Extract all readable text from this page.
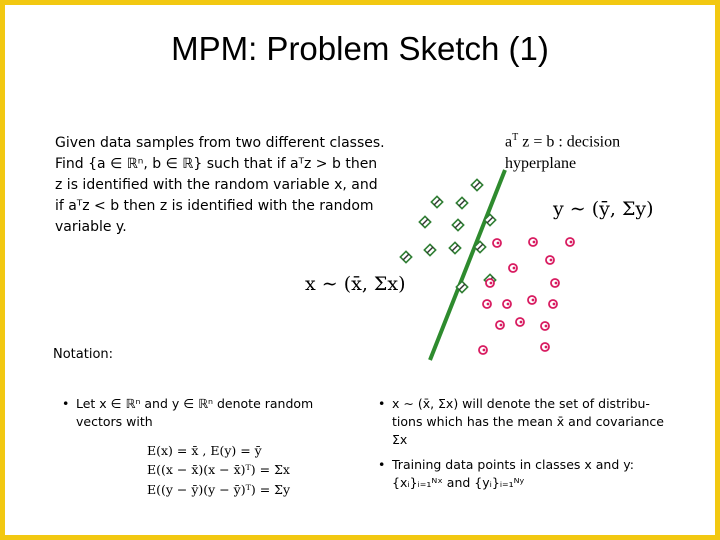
MPM: Problem Sketch (1)
Given data samples from two different classes.
Find {a ∈ ℝⁿ, b ∈ ℝ} such that if aᵀz > b then
z is identified with the random variable x, and
if aᵀz < b then z is identified with the random
variable y.
$a^T$ z = b : decision
hyperplane
y ∼ (ȳ, Σy)
x ∼ (x̄, Σx)
Notation:
• Let x ∈ ℝⁿ and y ∈ ℝⁿ denote random
vectors with
E(x) = x̄ , E(y) = ȳ
E((x − x̄)(x − x̄)ᵀ) = Σx
E((y − ȳ)(y − ȳ)ᵀ) = Σy
• x ∼ (x̄, Σx) will denote the set of distribu-
tions which has the mean x̄ and covariance
Σx
• Training data points in classes x and y:
{xᵢ}ᵢ₌₁ᴺˣ and {yᵢ}ᵢ₌₁ᴺʸ
